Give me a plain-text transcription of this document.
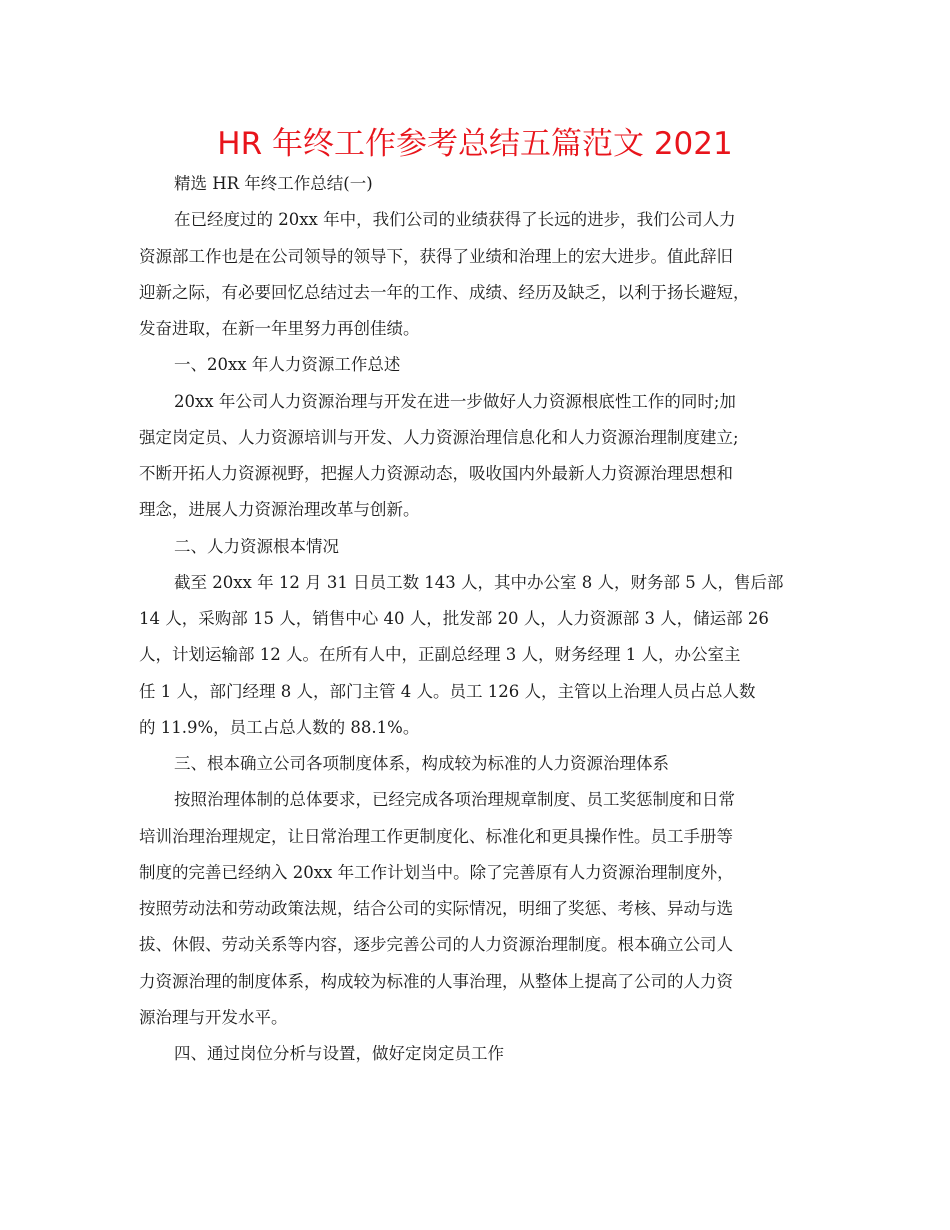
HR 年终工作参考总结五篇范文 2021
精选 HR 年终工作总结(一)
在已经度过的 20xx 年中，我们公司的业绩获得了长远的进步，我们公司人力
资源部工作也是在公司领导的领导下，获得了业绩和治理上的宏大进步。值此辞旧
迎新之际，有必要回忆总结过去一年的工作、成绩、经历及缺乏，以利于扬长避短，
发奋进取，在新一年里努力再创佳绩。
一、20xx 年人力资源工作总述
20xx 年公司人力资源治理与开发在进一步做好人力资源根底性工作的同时;加
强定岗定员、人力资源培训与开发、人力资源治理信息化和人力资源治理制度建立;
不断开拓人力资源视野，把握人力资源动态，吸收国内外最新人力资源治理思想和
理念，进展人力资源治理改革与创新。
二、人力资源根本情况
截至 20xx 年 12 月 31 日员工数 143 人，其中办公室 8 人，财务部 5 人，售后部
14 人，采购部 15 人，销售中心 40 人，批发部 20 人，人力资源部 3 人，储运部 26
人，计划运输部 12 人。在所有人中，正副总经理 3 人，财务经理 1 人，办公室主
任 1 人，部门经理 8 人，部门主管 4 人。员工 126 人，主管以上治理人员占总人数
的 11.9%，员工占总人数的 88.1%。
三、根本确立公司各项制度体系，构成较为标准的人力资源治理体系
按照治理体制的总体要求，已经完成各项治理规章制度、员工奖惩制度和日常
培训治理治理规定，让日常治理工作更制度化、标准化和更具操作性。员工手册等
制度的完善已经纳入 20xx 年工作计划当中。除了完善原有人力资源治理制度外，
按照劳动法和劳动政策法规，结合公司的实际情况，明细了奖惩、考核、异动与选
拔、休假、劳动关系等内容，逐步完善公司的人力资源治理制度。根本确立公司人
力资源治理的制度体系，构成较为标准的人事治理，从整体上提高了公司的人力资
源治理与开发水平。
四、通过岗位分析与设置，做好定岗定员工作
